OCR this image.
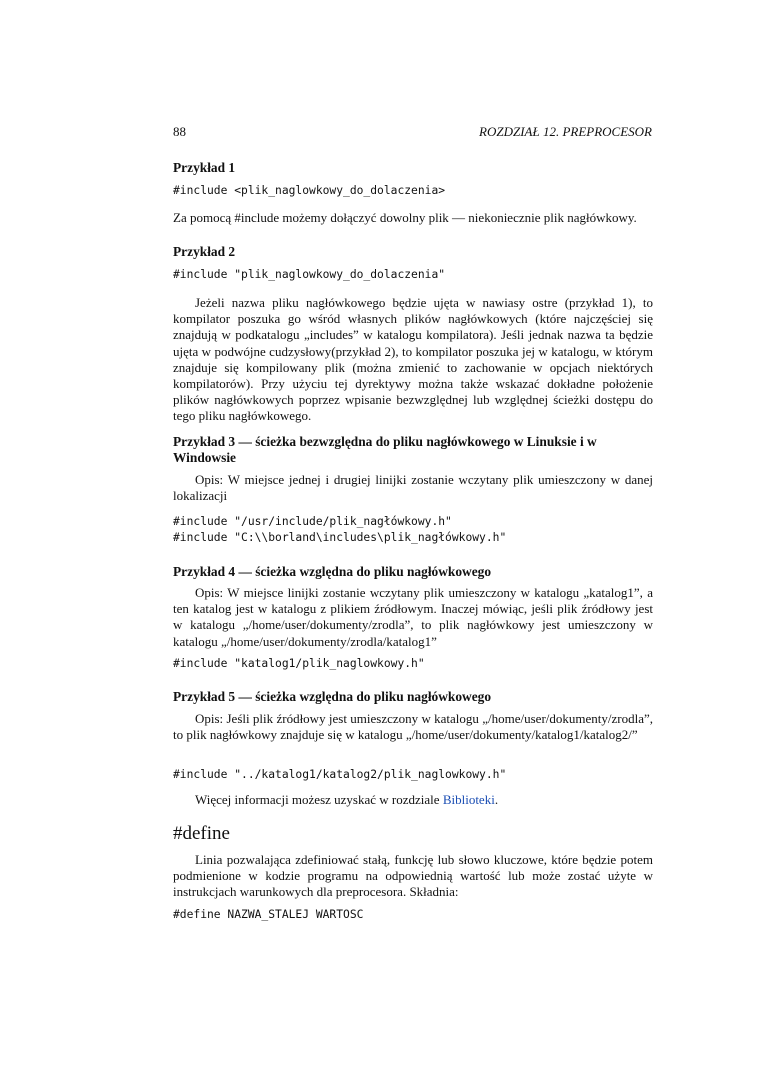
88	ROZDZIAŁ 12. PREPROCESOR
Przykład 1
#include <plik_naglowkowy_do_dolaczenia>
Za pomocą #include możemy dołączyć dowolny plik — niekoniecznie plik nagłówkowy.
Przykład 2
#include "plik_naglowkowy_do_dolaczenia"
Jeżeli nazwa pliku nagłówkowego będzie ujęta w nawiasy ostre (przykład 1), to kompilator poszuka go wśród własnych plików nagłówkowych (które najczęściej się znajdują w podkatalogu „includes” w katalogu kompilatora). Jeśli jednak nazwa ta będzie ujęta w podwójne cudzysłowy(przykład 2), to kompilator poszuka jej w katalogu, w którym znajduje się kompilowany plik (można zmienić to zachowanie w opcjach niektórych kompilatorów). Przy użyciu tej dyrektywy można także wskazać dokładne położenie plików nagłówkowych poprzez wpisanie bezwzględnej lub względnej ścieżki dostępu do tego pliku nagłówkowego.
Przykład 3 — ścieżka bezwzględna do pliku nagłówkowego w Linuksie i w Windowsie
Opis: W miejsce jednej i drugiej linijki zostanie wczytany plik umieszczony w danej lokalizacji
#include "/usr/include/plik_nagłówkowy.h"
#include "C:\\borland\includes\plik_nagłówkowy.h"
Przykład 4 — ścieżka względna do pliku nagłówkowego
Opis: W miejsce linijki zostanie wczytany plik umieszczony w katalogu „katalog1”, a ten katalog jest w katalogu z plikiem źródłowym. Inaczej mówiąc, jeśli plik źródłowy jest w katalogu „/home/user/dokumenty/zrodla”, to plik nagłówkowy jest umieszczony w katalogu „/home/user/dokumenty/zrodla/katalog1”
#include "katalog1/plik_naglowkowy.h"
Przykład 5 — ścieżka względna do pliku nagłówkowego
Opis: Jeśli plik źródłowy jest umieszczony w katalogu „/home/user/dokumenty/zrodla”, to plik nagłówkowy znajduje się w katalogu „/home/user/dokumenty/katalog1/katalog2/”
#include "../katalog1/katalog2/plik_naglowkowy.h"
Więcej informacji możesz uzyskać w rozdziale Biblioteki.
#define
Linia pozwalająca zdefiniować stałą, funkcję lub słowo kluczowe, które będzie potem podmienione w kodzie programu na odpowiednią wartość lub może zostać użyte w instrukcjach warunkowych dla preprocesora. Składnia:
#define NAZWA_STALEJ WARTOSC
